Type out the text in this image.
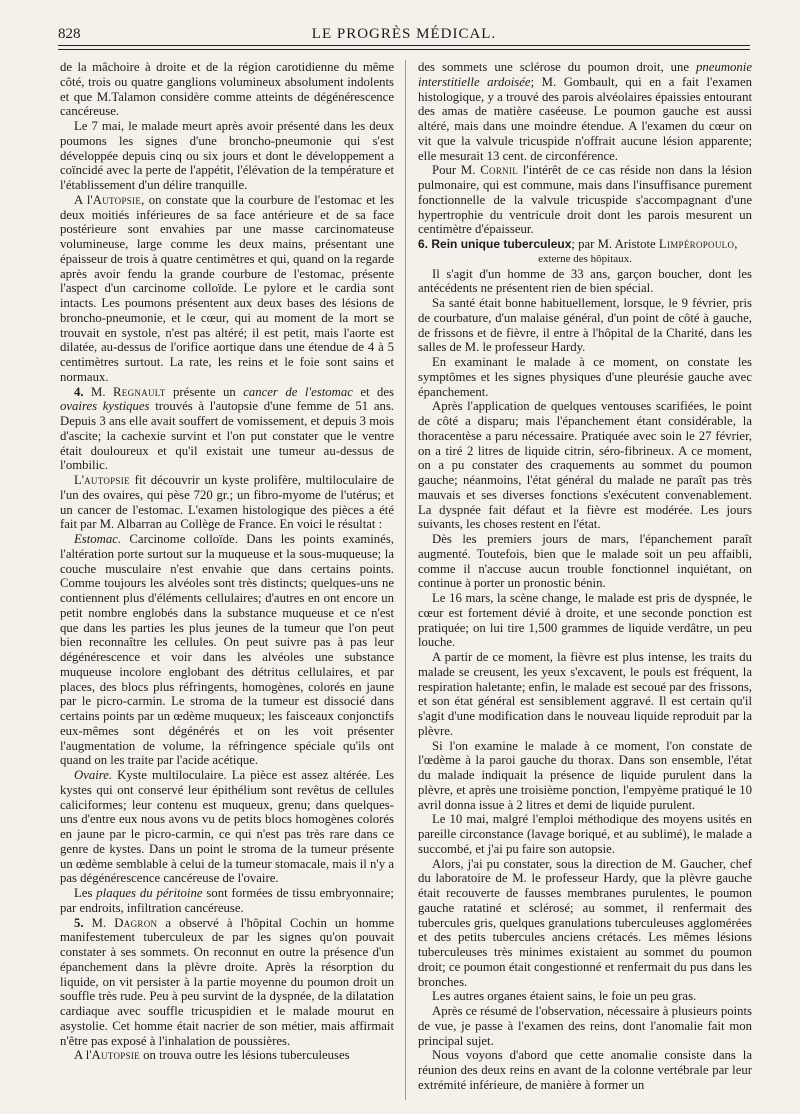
828	LE PROGRÈS MÉDICAL.

de la mâchoire à droite et de la région carotidienne du même côté, trois ou quatre ganglions volumineux absolument indolents et que M.Talamon considère comme atteints de dégénérescence cancéreuse.

Le 7 mai, le malade meurt après avoir présenté dans les deux poumons les signes d'une broncho-pneumonie qui s'est développée depuis cinq ou six jours et dont le développement a coïncidé avec la perte de l'appétit, l'élévation de la température et l'établissement d'un délire tranquille.

A l'Autopsie, on constate que la courbure de l'estomac et les deux moitiés inférieures de sa face antérieure et de sa face postérieure sont envahies par une masse carcinomateuse volumineuse, large comme les deux mains, présentant une épaisseur de trois à quatre centimètres et qui, quand on la regarde après avoir fendu la grande courbure de l'estomac, présente l'aspect d'un carcinome colloïde. Le pylore et le cardia sont intacts. Les poumons présentent aux deux bases des lésions de broncho-pneumonie, et le cœur, qui au moment de la mort se trouvait en systole, n'est pas altéré; il est petit, mais l'aorte est dilatée, au-dessus de l'orifice aortique dans une étendue de 4 à 5 centimètres surtout. La rate, les reins et le foie sont sains et normaux.

4. M. Regnault présente un cancer de l'estomac et des ovaires kystiques trouvés à l'autopsie d'une femme de 51 ans. Depuis 3 ans elle avait souffert de vomissement, et depuis 3 mois d'ascite; la cachexie survint et l'on put constater que le ventre était douloureux et qu'il existait une tumeur au-dessus de l'ombilic.

L'autopsie fit découvrir un kyste prolifère, multiloculaire de l'un des ovaires, qui pèse 720 gr.; un fibro-myome de l'utérus; et un cancer de l'estomac. L'examen histologique des pièces a été fait par M. Albarran au Collège de France. En voici le résultat :

Estomac. Carcinome colloïde. Dans les points examinés, l'altération porte surtout sur la muqueuse et la sous-muqueuse; la couche musculaire n'est envahie que dans certains points. Comme toujours les alvéoles sont très distincts; quelques-uns ne contiennent plus d'éléments cellulaires; d'autres en ont encore un petit nombre englobés dans la substance muqueuse et ce n'est que dans les parties les plus jeunes de la tumeur que l'on peut bien reconnaître les cellules. On peut suivre pas à pas leur dégénérescence et voir dans les alvéoles une substance muqueuse incolore englobant des détritus cellulaires, et par places, des blocs plus réfringents, homogènes, colorés en jaune par le picro-carmin. Le stroma de la tumeur est dissocié dans certains points par un œdème muqueux; les faisceaux conjonctifs eux-mêmes sont dégénérés et on les voit présenter l'augmentation de volume, la réfringence spéciale qu'ils ont quand on les traite par l'acide acétique.

Ovaire. Kyste multiloculaire. La pièce est assez altérée. Les kystes qui ont conservé leur épithélium sont revêtus de cellules caliciformes; leur contenu est muqueux, grenu; dans quelques-uns d'entre eux nous avons vu de petits blocs homogènes colorés en jaune par le picro-carmin, ce qui n'est pas très rare dans ce genre de kystes. Dans un point le stroma de la tumeur présente un œdème semblable à celui de la tumeur stomacale, mais il n'y a pas dégénérescence cancéreuse de l'ovaire.

Les plaques du péritoine sont formées de tissu embryonnaire; par endroits, infiltration cancéreuse.

5. M. Dagron a observé à l'hôpital Cochin un homme manifestement tuberculeux de par les signes qu'on pouvait constater à ses sommets. On reconnut en outre la présence d'un épanchement dans la plèvre droite. Après la résorption du liquide, on vit persister à la partie moyenne du poumon droit un souffle très rude. Peu à peu survint de la dyspnée, de la dilatation cardiaque avec souffle tricuspidien et le malade mourut en asystolie. Cet homme était nacrier de son métier, mais affirmait n'être pas exposé à l'inhalation de poussières.

A l'Autopsie on trouva outre les lésions tuberculeuses

des sommets une sclérose du poumon droit, une pneumonie interstitielle ardoisée; M. Gombault, qui en a fait l'examen histologique, y a trouvé des parois alvéolaires épaissies entourant des amas de matière caséeuse. Le poumon gauche est aussi altéré, mais dans une moindre étendue. A l'examen du cœur on vit que la valvule tricuspide n'offrait aucune lésion apparente; elle mesurait 13 cent. de circonférence.

Pour M. Cornil l'intérêt de ce cas réside non dans la lésion pulmonaire, qui est commune, mais dans l'insuffisance purement fonctionnelle de la valvule tricuspide s'accompagnant d'une hypertrophie du ventricule droit dont les parois mesurent un centimètre d'épaisseur.

6. Rein unique tuberculeux; par M. Aristote Limpéropoulo,

externe des hôpitaux.

Il s'agit d'un homme de 33 ans, garçon boucher, dont les antécédents ne présentent rien de bien spécial.

Sa santé était bonne habituellement, lorsque, le 9 février, pris de courbature, d'un malaise général, d'un point de côté à gauche, de frissons et de fièvre, il entre à l'hôpital de la Charité, dans les salles de M. le professeur Hardy.

En examinant le malade à ce moment, on constate les symptômes et les signes physiques d'une pleurésie gauche avec épanchement.

Après l'application de quelques ventouses scarifiées, le point de côté a disparu; mais l'épanchement étant considérable, la thoracentèse a paru nécessaire. Pratiquée avec soin le 27 février, on a tiré 2 litres de liquide citrin, séro-fibrineux. A ce moment, on a pu constater des craquements au sommet du poumon gauche; néanmoins, l'état général du malade ne paraît pas très mauvais et ses diverses fonctions s'exécutent convenablement. La dyspnée fait défaut et la fièvre est modérée. Les jours suivants, les choses restent en l'état.

Dès les premiers jours de mars, l'épanchement paraît augmenté. Toutefois, bien que le malade soit un peu affaibli, comme il n'accuse aucun trouble fonctionnel inquiétant, on continue à porter un pronostic bénin.

Le 16 mars, la scène change, le malade est pris de dyspnée, le cœur est fortement dévié à droite, et une seconde ponction est pratiquée; on lui tire 1,500 grammes de liquide verdâtre, un peu louche.

A partir de ce moment, la fièvre est plus intense, les traits du malade se creusent, les yeux s'excavent, le pouls est fréquent, la respiration haletante; enfin, le malade est secoué par des frissons, et son état général est sensiblement aggravé. Il est certain qu'il s'agit d'une modification dans le nouveau liquide reproduit par la plèvre.

Si l'on examine le malade à ce moment, l'on constate de l'œdème à la paroi gauche du thorax. Dans son ensemble, l'état du malade indiquait la présence de liquide purulent dans la plèvre, et après une troisième ponction, l'empyème pratiqué le 10 avril donna issue à 2 litres et demi de liquide purulent.

Le 10 mai, malgré l'emploi méthodique des moyens usités en pareille circonstance (lavage boriqué, et au sublimé), le malade a succombé, et j'ai pu faire son autopsie.

Alors, j'ai pu constater, sous la direction de M. Gaucher, chef du laboratoire de M. le professeur Hardy, que la plèvre gauche était recouverte de fausses membranes purulentes, le poumon gauche ratatiné et sclérosé; au sommet, il renfermait des tubercules gris, quelques granulations tuberculeuses agglomérées et des petits tubercules anciens crétacés. Les mêmes lésions tuberculeuses très minimes existaient au sommet du poumon droit; ce poumon était congestionné et renfermait du pus dans les bronches.

Les autres organes étaient sains, le foie un peu gras.

Après ce résumé de l'observation, nécessaire à plusieurs points de vue, je passe à l'examen des reins, dont l'anomalie fait mon principal sujet.

Nous voyons d'abord que cette anomalie consiste dans la réunion des deux reins en avant de la colonne vertébrale par leur extrémité inférieure, de manière à former un
